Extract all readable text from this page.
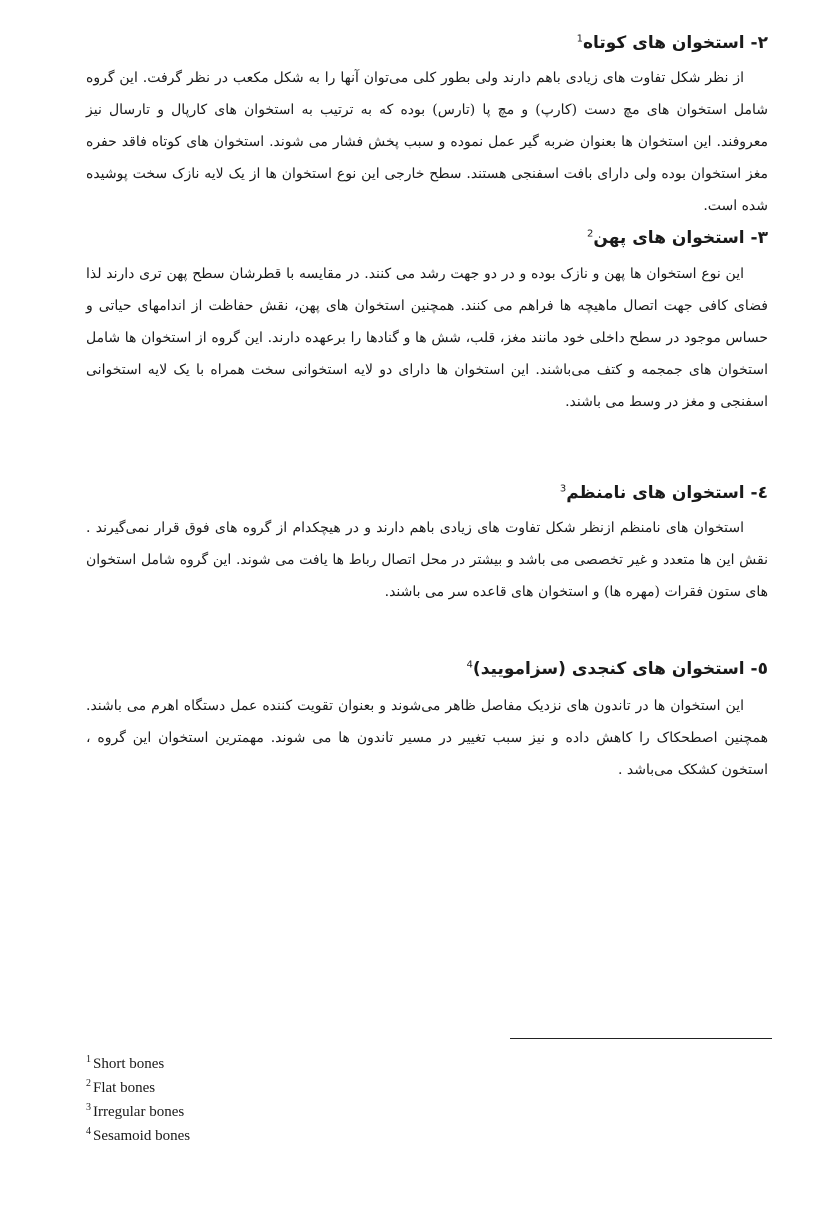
۲- استخوان های کوتاه$^1$

از نظر شکل تفاوت های زیادی باهم دارند ولی بطور کلی می‌توان آنها را به شکل مکعب در نظر گرفت. این گروه شامل استخوان های مچ دست (کارپ) و مچ پا (تارس) بوده که به ترتیب به استخوان های کارپال و تارسال نیز معروفند. این استخوان ها بعنوان ضربه گیر عمل نموده و سبب پخش فشار می شوند. استخوان های کوتاه فاقد حفره مغز استخوان بوده ولی دارای بافت اسفنجی هستند. سطح خارجی این نوع استخوان ها از یک لایه نازک سخت پوشیده شده است.

۳- استخوان های پهن$^2$

این نوع استخوان ها پهن و نازک بوده و در دو جهت رشد می کنند. در مقایسه با قطرشان سطح پهن تری دارند لذا فضای کافی جهت اتصال ماهیچه ها فراهم می کنند. همچنین استخوان های پهن، نقش حفاظت از اندامهای حیاتی و حساس موجود در سطح داخلی خود مانند مغز، قلب، شش ها و گنادها را برعهده دارند. این گروه از استخوان ها شامل استخوان های جمجمه و کتف می‌باشند. این استخوان ها دارای دو لایه استخوانی سخت همراه با یک لایه استخوانی اسفنجی و مغز در وسط می باشند.

٤- استخوان های نامنظم$^3$

استخوان های نامنظم ازنظر شکل تفاوت های زیادی باهم دارند و در هیچکدام از گروه های فوق قرار نمی‌گیرند . نقش این ها متعدد و غیر تخصصی می باشد و بیشتر در محل اتصال رباط ها یافت می شوند. این گروه شامل استخوان های ستون فقرات (مهره ها) و استخوان های قاعده سر می باشند.

٥- استخوان های کنجدی (سزامویید)$^4$

این استخوان ها در تاندون های نزدیک مفاصل ظاهر می‌شوند و بعنوان تقویت کننده عمل دستگاه اهرم می باشند. همچنین اصطحکاک را کاهش داده و نیز سبب تغییر در مسیر تاندون ها می شوند. مهمترین استخوان این گروه ، استخون کشکک می‌باشد .

$^1$ Short bones

$^2$ Flat bones

$^3$ Irregular bones

$^4$ Sesamoid bones
